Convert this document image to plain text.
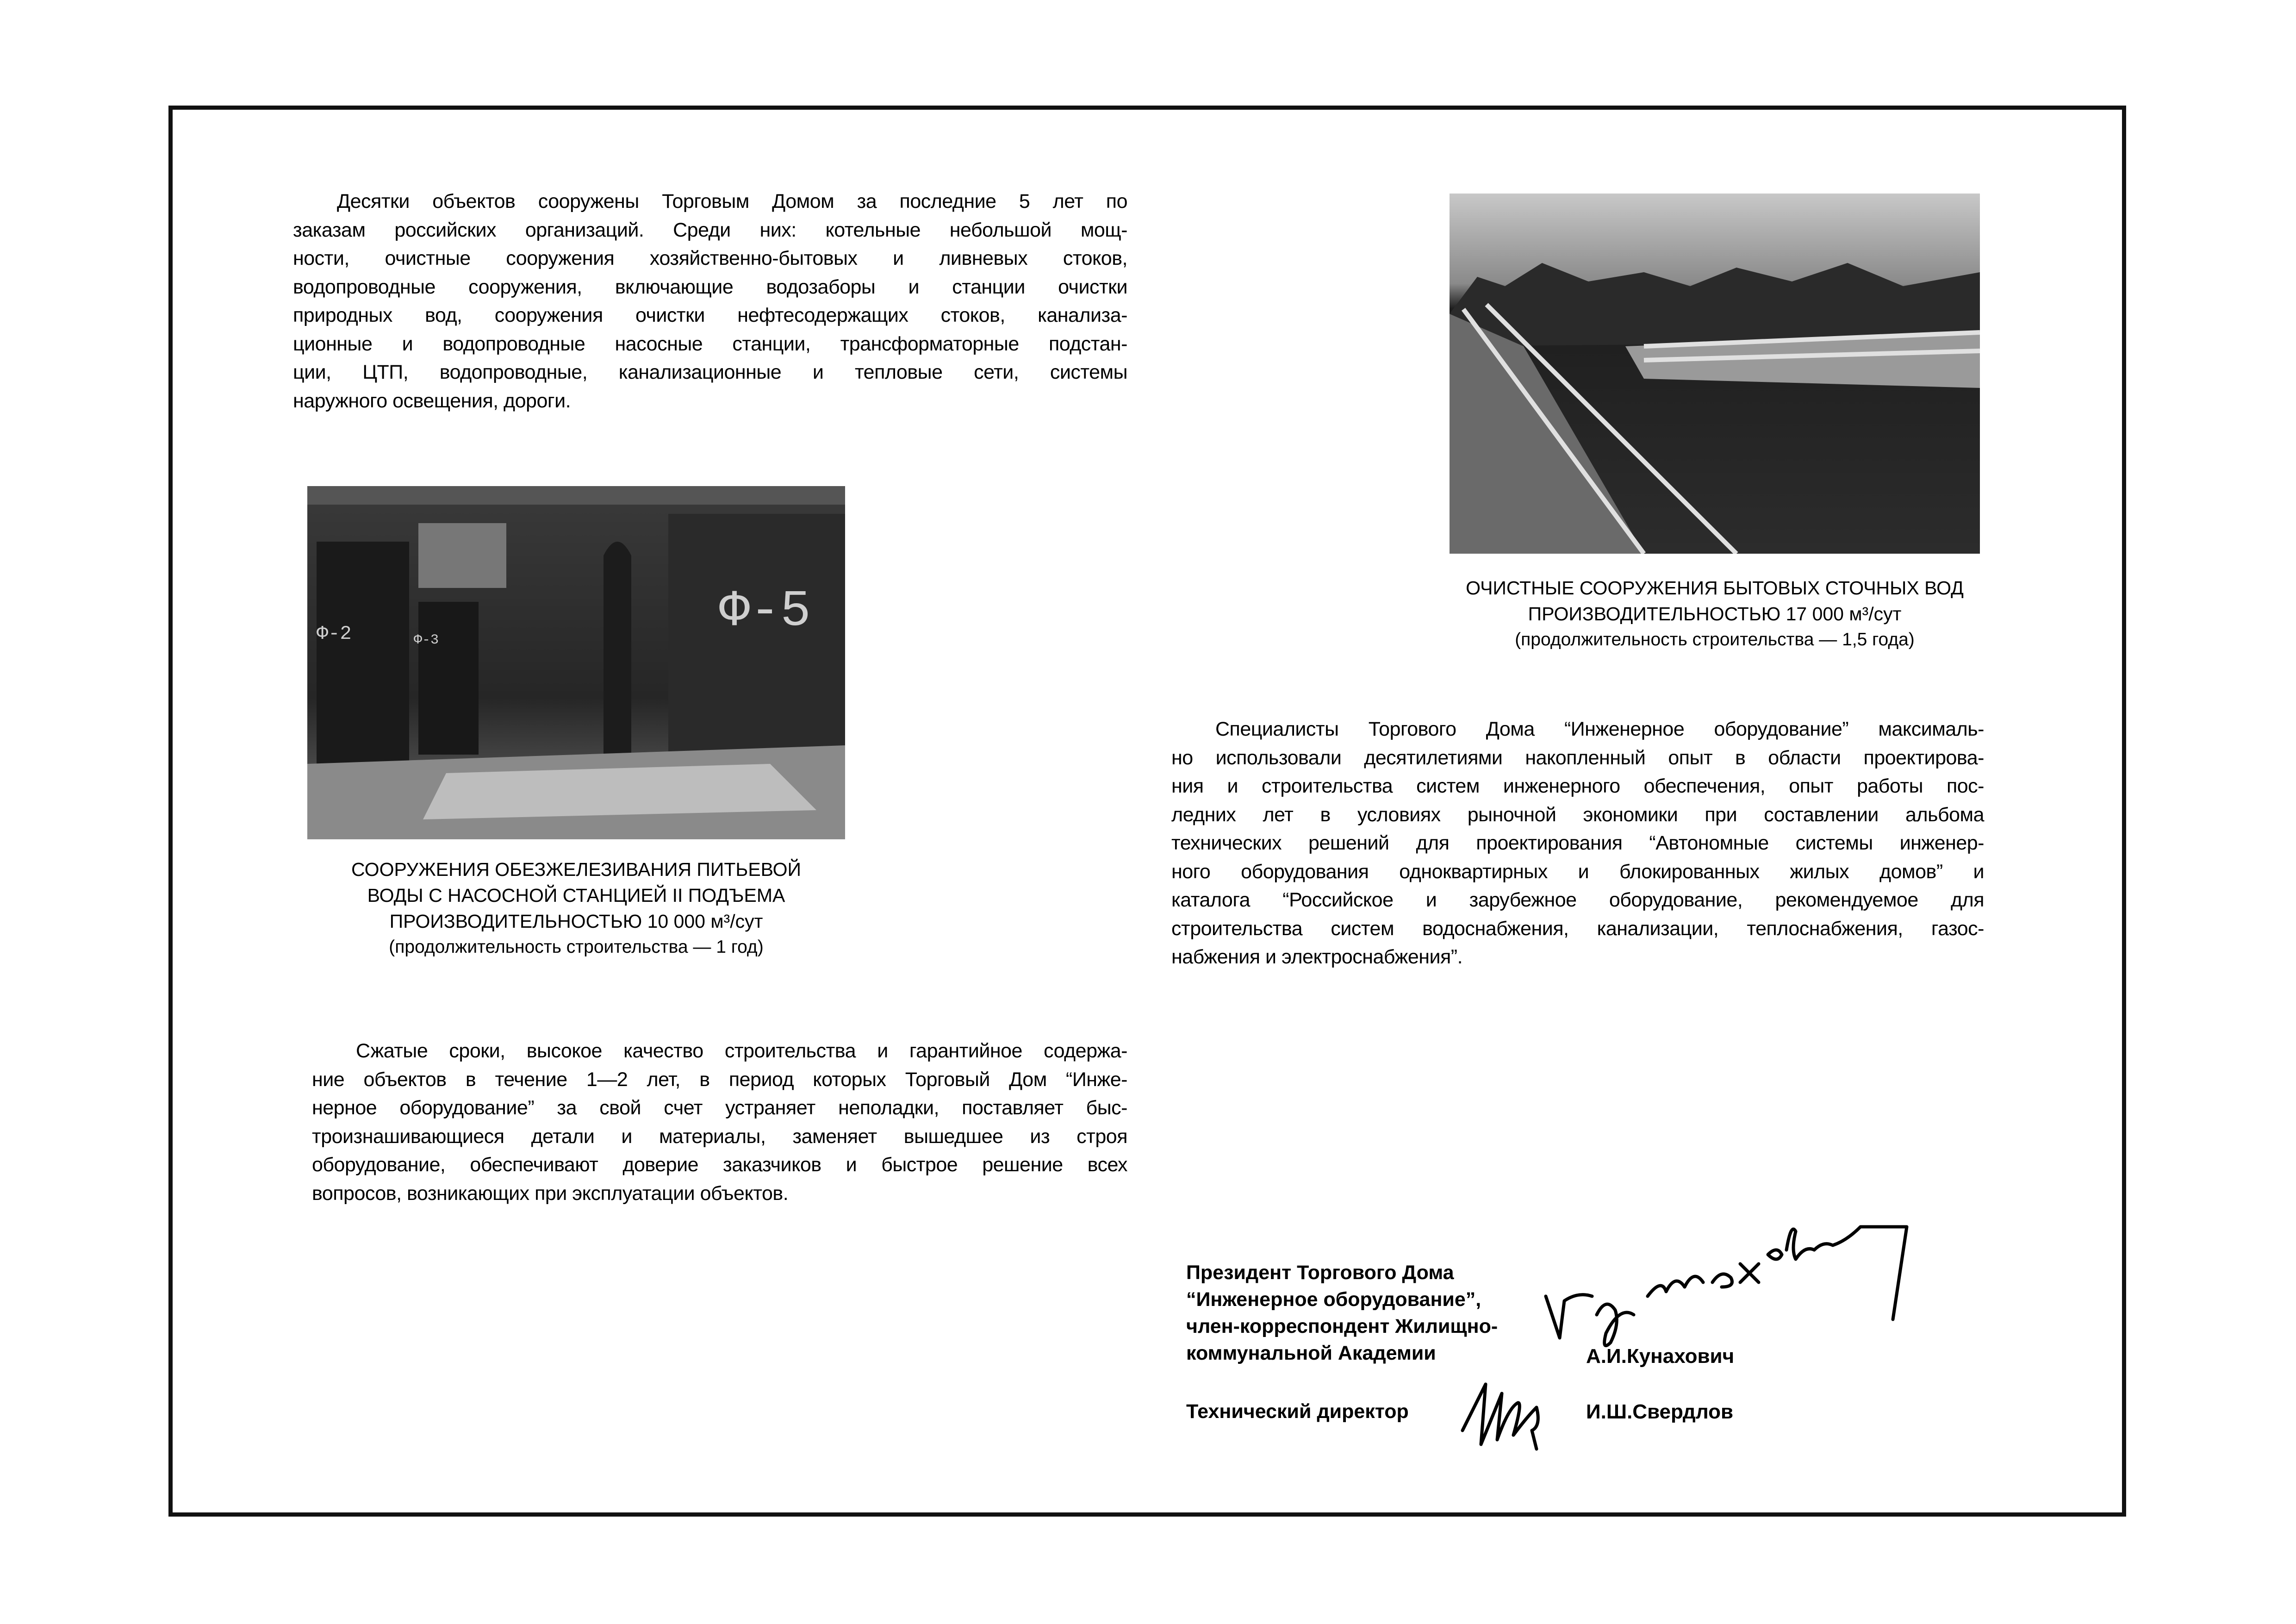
Десятки объектов сооружены Торговым Домом за последние 5 лет по
заказам российских организаций. Среди них: котельные небольшой мощ-
ности, очистные сооружения хозяйственно-бытовых и ливневых стоков,
водопроводные сооружения, включающие водозаборы и станции очистки
природных вод, сооружения очистки нефтесодержащих стоков, канализа-
ционные и водопроводные насосные станции, трансформаторные подстан-
ции, ЦТП, водопроводные, канализационные и тепловые сети, системы
наружного освещения, дороги.
Ф-2	Ф-3	Ф-5
СООРУЖЕНИЯ ОБЕЗЖЕЛЕЗИВАНИЯ ПИТЬЕВОЙ
ВОДЫ С НАСОСНОЙ СТАНЦИЕЙ II ПОДЪЕМА
ПРОИЗВОДИТЕЛЬНОСТЬЮ 10 000 м³/сут
(продолжительность строительства — 1 год)
ОЧИСТНЫЕ СООРУЖЕНИЯ БЫТОВЫХ СТОЧНЫХ ВОД
ПРОИЗВОДИТЕЛЬНОСТЬЮ 17 000 м³/сут
(продолжительность строительства — 1,5 года)
Специалисты Торгового Дома “Инженерное оборудование” максималь-
но использовали десятилетиями накопленный опыт в области проектирова-
ния и строительства систем инженерного обеспечения, опыт работы пос-
ледних лет в условиях рыночной экономики при составлении альбома
технических решений для проектирования “Автономные системы инженер-
ного оборудования одноквартирных и блокированных жилых домов” и
каталога “Российское и зарубежное оборудование, рекомендуемое для
строительства систем водоснабжения, канализации, теплоснабжения, газос-
набжения и электроснабжения”.
Сжатые сроки, высокое качество строительства и гарантийное содержа-
ние объектов в течение 1—2 лет, в период которых Торговый Дом “Инже-
нерное оборудование” за свой счет устраняет неполадки, поставляет быс-
троизнашивающиеся детали и материалы, заменяет вышедшее из строя
оборудование, обеспечивают доверие заказчиков и быстрое решение всех
вопросов, возникающих при эксплуатации объектов.
Президент Торгового Дома
“Инженерное оборудование”,
член-корреспондент Жилищно-
коммунальной Академии	А.И.Кунахович
Технический директор	И.Ш.Свердлов
